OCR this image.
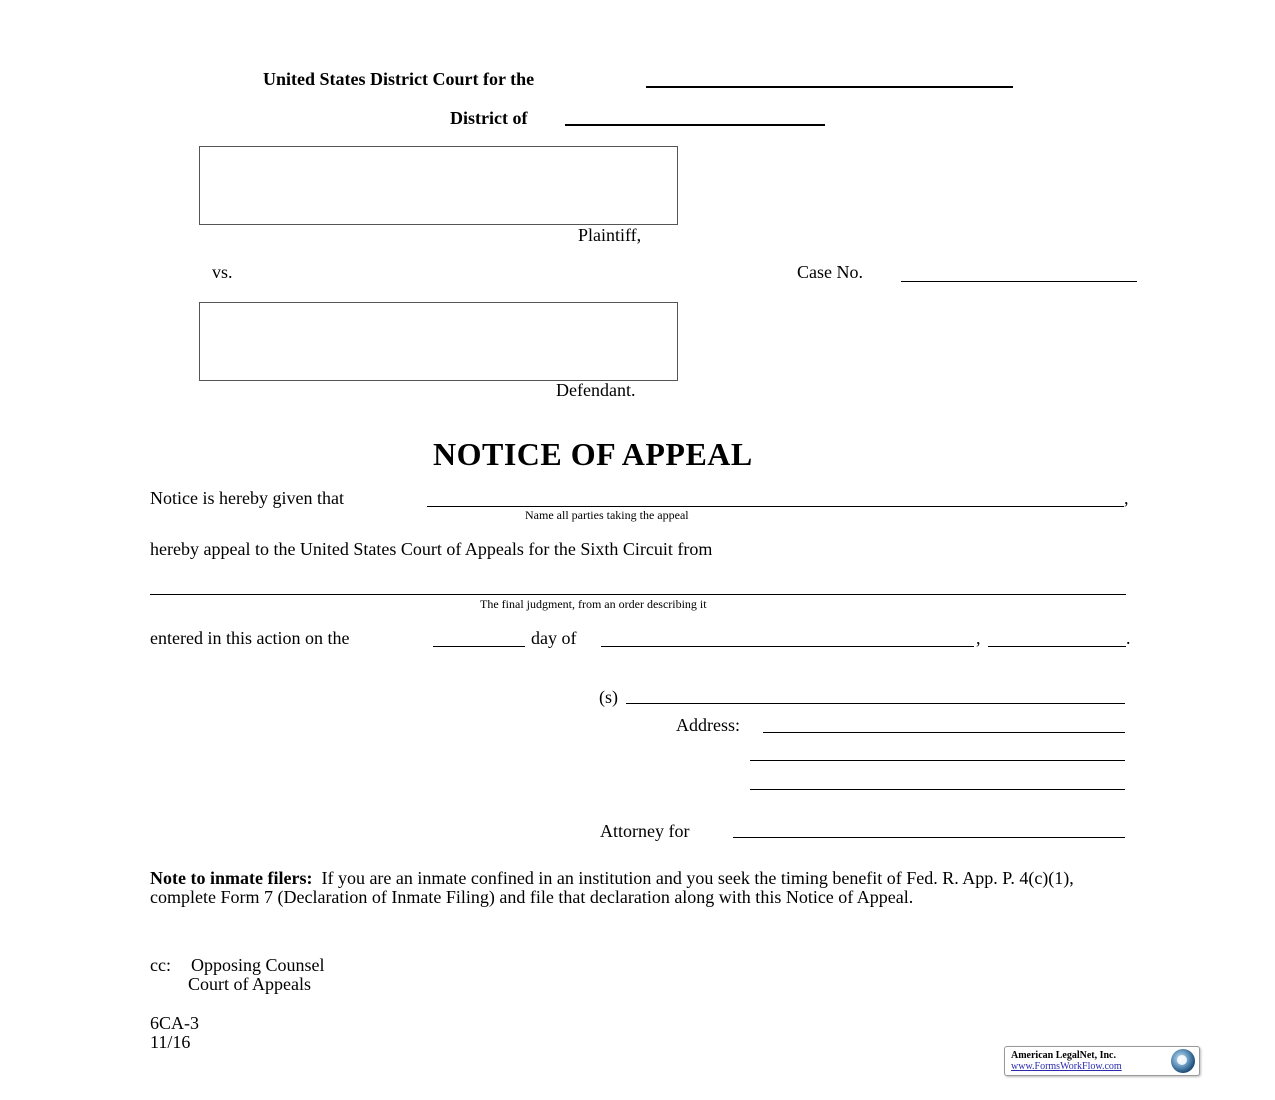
United States District Court for the
District of
Plaintiff,
vs.	Case No.
Defendant.
NOTICE OF APPEAL
Notice is hereby given that	,
Name all parties taking the appeal
hereby appeal to the United States Court of Appeals for the Sixth Circuit from
The final judgment, from an order describing it
entered in this action on the	day of	,	.
(s)
Address:
Attorney for
Note to inmate filers: If you are an inmate confined in an institution and you seek the timing benefit of Fed. R. App. P. 4(c)(1), complete Form 7 (Declaration of Inmate Filing) and file that declaration along with this Notice of Appeal.
cc: Opposing Counsel
Court of Appeals
6CA-3
11/16
American LegalNet, Inc.
www.FormsWorkFlow.com
